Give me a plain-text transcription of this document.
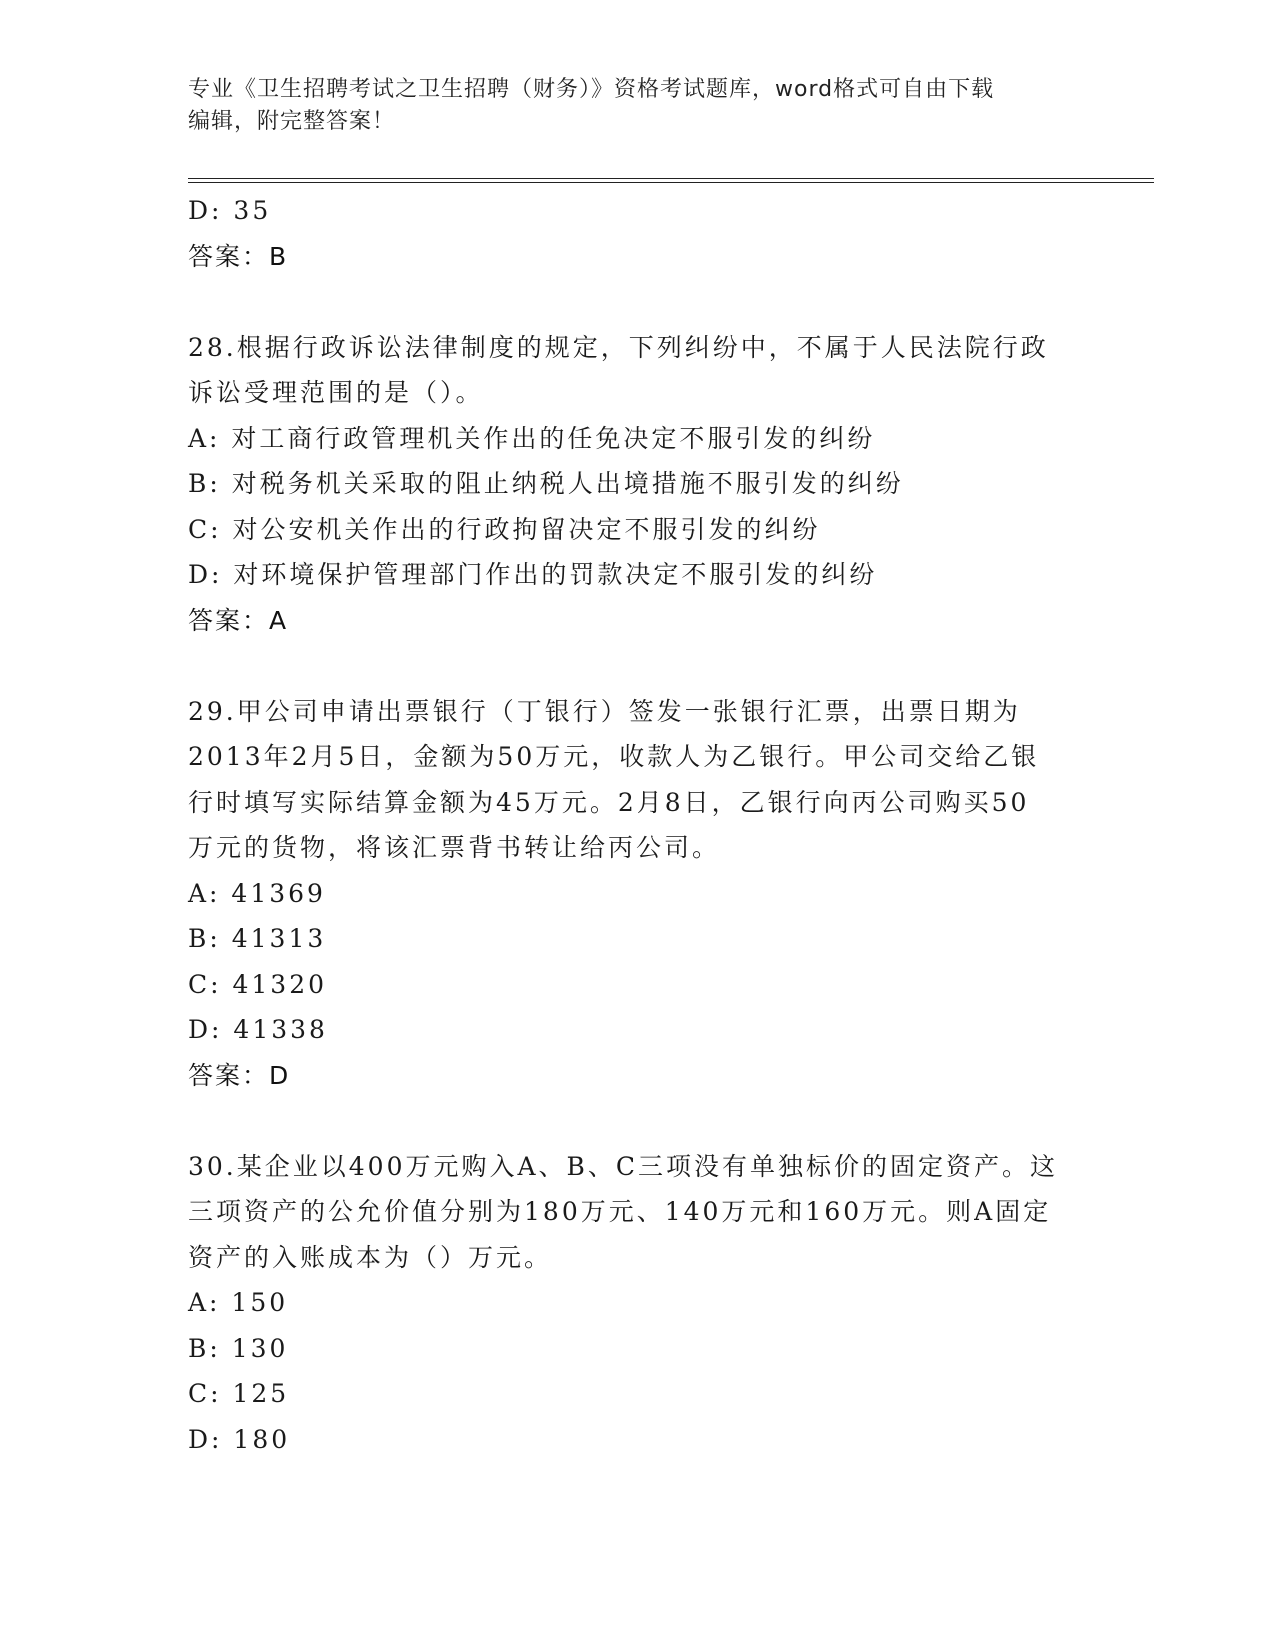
专业《卫生招聘考试之卫生招聘（财务）》资格考试题库，word格式可自由下载
编辑，附完整答案！
D: 35
答案：B
28.根据行政诉讼法律制度的规定，下列纠纷中，不属于人民法院行政
诉讼受理范围的是（）。
A: 对工商行政管理机关作出的任免决定不服引发的纠纷
B: 对税务机关采取的阻止纳税人出境措施不服引发的纠纷
C: 对公安机关作出的行政拘留决定不服引发的纠纷
D: 对环境保护管理部门作出的罚款决定不服引发的纠纷
答案：A
29.甲公司申请出票银行（丁银行）签发一张银行汇票，出票日期为
2013年2月5日，金额为50万元，收款人为乙银行。甲公司交给乙银
行时填写实际结算金额为45万元。2月8日，乙银行向丙公司购买50
万元的货物，将该汇票背书转让给丙公司。
A: 41369
B: 41313
C: 41320
D: 41338
答案：D
30.某企业以400万元购入A、B、C三项没有单独标价的固定资产。这
三项资产的公允价值分别为180万元、140万元和160万元。则A固定
资产的入账成本为（）万元。
A: 150
B: 130
C: 125
D: 180
